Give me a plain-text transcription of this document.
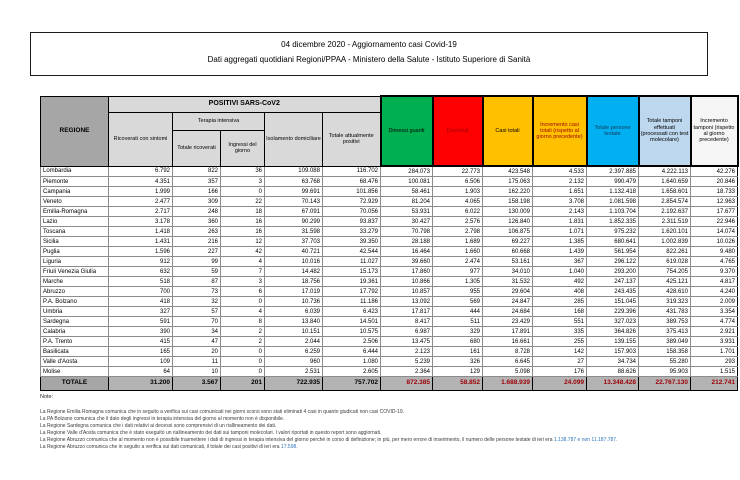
04 dicembre 2020 - Aggiornamento casi Covid-19
Dati aggregati quotidiani Regioni/PPAA - Ministero della Salute - Istituto Superiore di Sanità
REGIONE	POSITIVI SARS-CoV2					Dimessi guariti	Deceduti	Casi totali	Incremento casi totali (rispetto al giorno precedente)	Totale persone testate	Totale tamponi effettuati (processati con test molecolare)	Incremento tamponi (rispetto al giorno precedente)
	Ricoverati con sintomi	Terapia intensiva		Isolamento domiciliare	Totale attualmente positivi							
		Totale ricoverati	Ingressi del giorno									
Lombardia	6.792	822	36	109.088	116.702	284.073	22.773	423.548	4.533	2.397.885	4.222.113	42.276
Piemonte	4.351	357	3	63.768	68.476	100.081	6.506	175.063	2.132	990.479	1.640.659	20.846
Campania	1.999	166	0	99.691	101.856	58.461	1.903	162.220	1.651	1.132.418	1.658.601	18.733
Veneto	2.477	309	22	70.143	72.929	81.204	4.065	158.198	3.708	1.081.598	2.854.574	12.963
Emilia-Romagna	2.717	248	18	67.091	70.056	53.931	6.022	130.009	2.143	1.103.704	2.192.637	17.677
Lazio	3.178	360	16	90.299	93.837	30.427	2.576	126.840	1.831	1.852.335	2.311.519	22.946
Toscana	1.418	263	16	31.598	33.279	70.798	2.798	106.875	1.071	975.232	1.620.101	14.074
Sicilia	1.431	216	12	37.703	39.350	28.188	1.689	69.227	1.385	680.641	1.002.839	10.026
Puglia	1.596	227	42	40.721	42.544	16.464	1.660	60.668	1.439	561.954	822.261	9.480
Liguria	912	99	4	10.016	11.027	39.660	2.474	53.161	367	296.122	619.028	4.765
Friuli Venezia Giulia	632	59	7	14.482	15.173	17.860	977	34.010	1.040	293.200	754.205	9.370
Marche	518	87	3	18.756	19.361	10.866	1.305	31.532	492	247.137	425.121	4.817
Abruzzo	700	73	6	17.019	17.792	10.857	955	29.604	408	243.435	428.610	4.240
P.A. Bolzano	418	32	0	10.736	11.186	13.092	569	24.847	285	151.045	319.323	2.009
Umbria	327	57	4	6.039	6.423	17.817	444	24.684	168	229.396	431.783	3.354
Sardegna	591	70	8	13.840	14.501	8.417	511	23.429	551	327.023	389.753	4.774
Calabria	390	34	2	10.151	10.575	6.987	329	17.891	335	364.826	375.413	2.921
P.A. Trento	415	47	2	2.044	2.506	13.475	680	16.661	255	139.155	389.049	3.931
Basilicata	165	20	0	6.259	6.444	2.123	161	8.728	142	157.903	158.358	1.701
Valle d'Aosta	109	11	0	960	1.080	5.239	326	6.645	27	34.734	55.280	293
Molise	64	10	0	2.531	2.605	2.364	129	5.098	176	88.626	95.903	1.515
TOTALE	31.200	3.567	201	722.935	757.702	872.385	58.852	1.688.939	24.099	13.348.428	22.767.130	212.741
Note:
La Regione Emilia Romagna comunica che in seguito a verifica sui casi comunicati nei giorni scorsi sono stati eliminati 4 casi in quanto giudicati non casi COVID-19.
La PA Bolzano comunica che il dato degli ingressi in terapia intensiva del giorno al momento non è disponibile.
La Regione Sardegna comunica che i dati relativi ai decessi sono comprensivi di un riallineamento dei dati.
La Regione Valle d'Aosta comunica che è stato eseguito un riallineamento dei dati sui tamponi molecolari. I valori riportati in questo report sono aggiornati.
La Regione Abruzzo comunica che al momento non è possibile trasmettere i dati di ingressi in terapia intensiva del giorno perché in corso di definizione; in più, per mero errore di inserimento, il numero delle persone testate di ieri era 1.138.787 e non 11.187.787.
La Regione Abruzzo comunica che in seguito a verifica sui dati comunicati, il totale dei casi positivi di ieri era 17.598.
